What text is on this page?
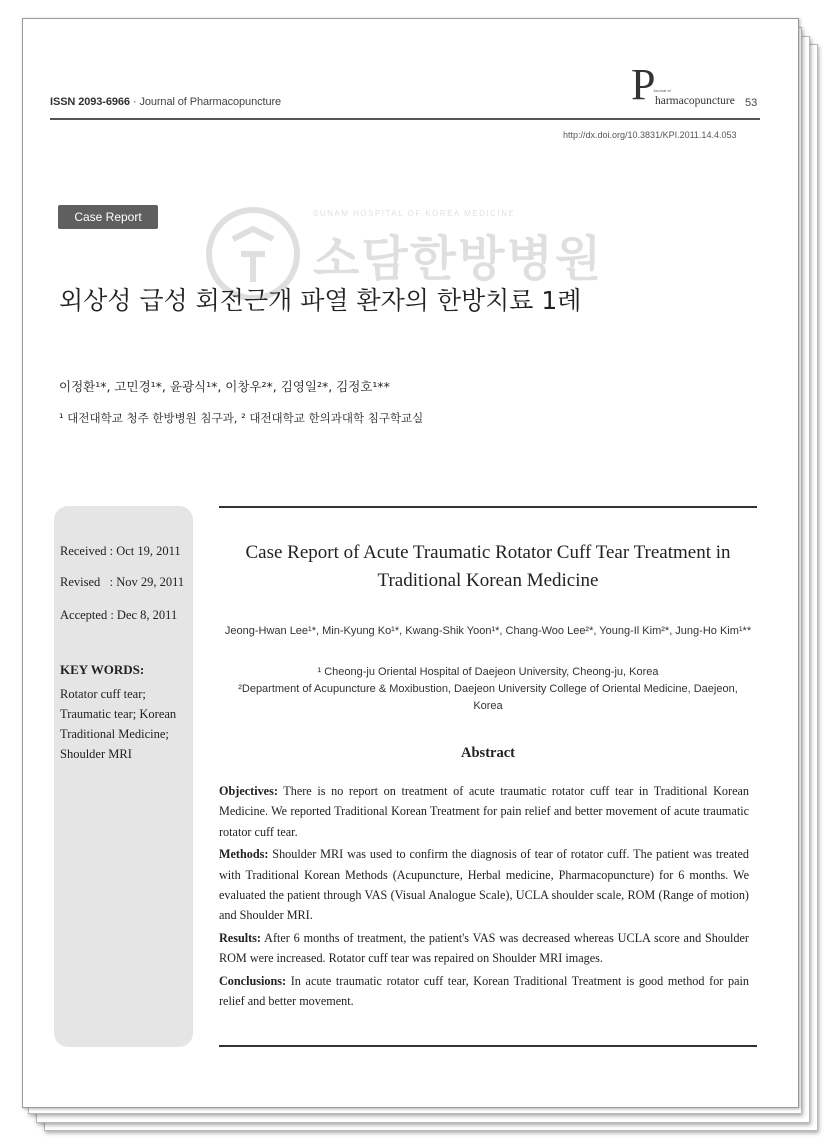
ISSN 2093-6966 · Journal of Pharmacopuncture	P
Journal of
harmacopuncture 53
http://dx.doi.org/10.3831/KPI.2011.14.4.053
Case Report	SUNAM HOSPITAL OF KOREA MEDICINE
소담한방병원
외상성 급성 회전근개 파열 환자의 한방치료 1례
이정환¹*, 고민경¹*, 윤광식¹*, 이창우²*, 김영일²*, 김정호¹**
¹ 대전대학교 청주 한방병원 침구과, ² 대전대학교 한의과대학 침구학교실
Received : Oct 19, 2011
Revised   : Nov 29, 2011
Accepted : Dec 8, 2011
KEY WORDS:
Rotator cuff tear;
Traumatic tear; Korean
Traditional Medicine;
Shoulder MRI
Case Report of Acute Traumatic Rotator Cuff Tear Treatment in
Traditional Korean Medicine
Jeong-Hwan Lee¹*, Min-Kyung Ko¹*, Kwang-Shik Yoon¹*, Chang-Woo Lee²*, Young-Il Kim²*, Jung-Ho Kim¹**
¹ Cheong-ju Oriental Hospital of Daejeon University, Cheong-ju, Korea
²Department of Acupuncture & Moxibustion, Daejeon University College of Oriental Medicine, Daejeon,
Korea
Abstract

Objectives: There is no report on treatment of acute traumatic rotator cuff tear in Traditional Korean Medicine. We reported Traditional Korean Treatment for pain relief and better movement of acute traumatic rotator cuff tear.

Methods: Shoulder MRI was used to confirm the diagnosis of tear of rotator cuff. The patient was treated with Traditional Korean Methods (Acupuncture, Herbal medicine, Pharmacopuncture) for 6 months. We evaluated the patient through VAS (Visual Analogue Scale), UCLA shoulder scale, ROM (Range of motion) and Shoulder MRI.

Results: After 6 months of treatment, the patient's VAS was decreased whereas UCLA score and Shoulder ROM were increased. Rotator cuff tear was repaired on Shoulder MRI images.

Conclusions: In acute traumatic rotator cuff tear, Korean Traditional Treatment is good method for pain relief and better movement.
